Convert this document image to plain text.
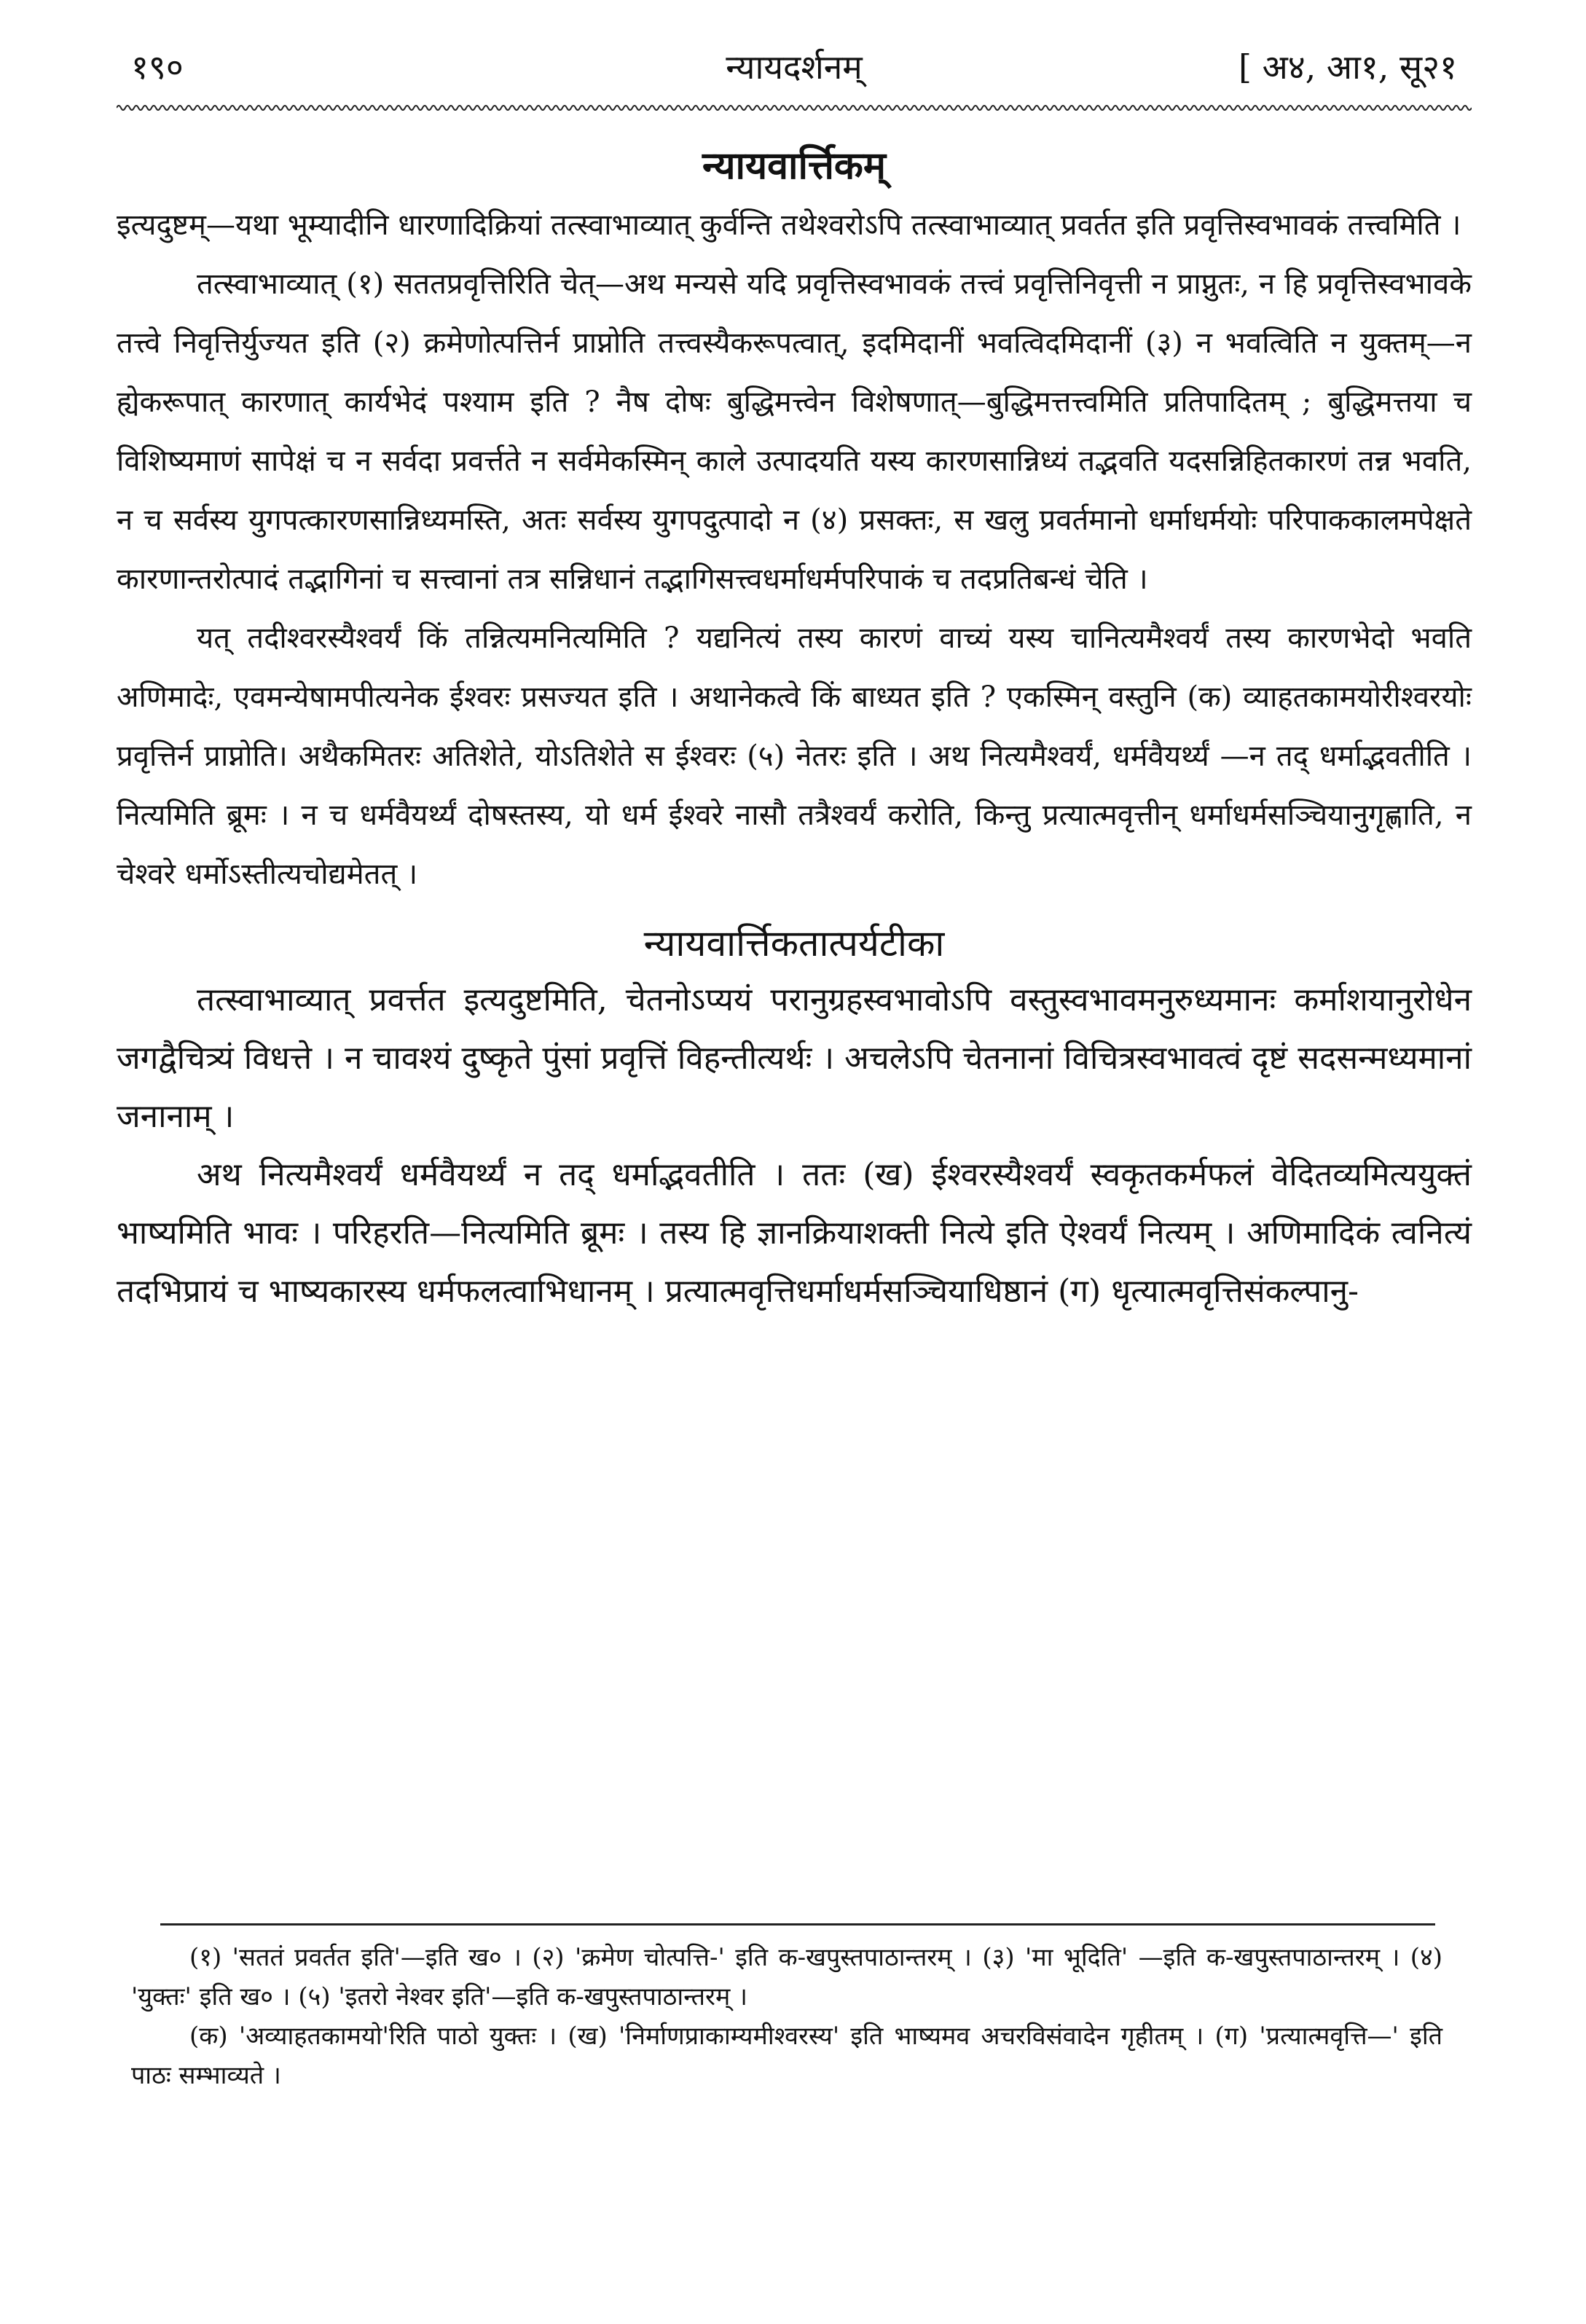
१९०	न्यायदर्शनम्	[ अ४, आ१, सू२१
न्यायवार्त्तिकम्

इत्यदुष्टम्—यथा भूम्यादीनि धारणादिक्रियां तत्स्वाभाव्यात् कुर्वन्ति तथेश्वरोऽपि तत्स्वाभाव्यात् प्रवर्तत इति प्रवृत्तिस्वभावकं तत्त्वमिति ।

तत्स्वाभाव्यात् (१) सततप्रवृत्तिरिति चेत्—अथ मन्यसे यदि प्रवृत्तिस्वभावकं तत्त्वं प्रवृत्तिनिवृत्ती न प्राप्नुतः, न हि प्रवृत्तिस्वभावके तत्त्वे निवृत्तिर्युज्यत इति (२) क्रमेणोत्पत्तिर्न प्राप्नोति तत्त्वस्यैकरूपत्वात्, इदमिदानीं भवत्विदमिदानीं (३) न भवत्विति न युक्तम्—न ह्येकरूपात् कारणात् कार्यभेदं पश्याम इति ? नैष दोषः बुद्धिमत्त्वेन विशेषणात्—बुद्धिमत्तत्त्वमिति प्रतिपादितम् ; बुद्धिमत्तया च विशिष्यमाणं सापेक्षं च न सर्वदा प्रवर्त्तते न सर्वमेकस्मिन् काले उत्पादयति यस्य कारणसान्निध्यं तद्भवति यदसन्निहितकारणं तन्न भवति, न च सर्वस्य युगपत्कारणसान्निध्यमस्ति, अतः सर्वस्य युगपदुत्पादो न (४) प्रसक्तः, स खलु प्रवर्तमानो धर्माधर्मयोः परिपाककालमपेक्षते कारणान्तरोत्पादं तद्भागिनां च सत्त्वानां तत्र सन्निधानं तद्भागिसत्त्वधर्माधर्मपरिपाकं च तदप्रतिबन्धं चेति ।

यत् तदीश्वरस्यैश्वर्यं किं तन्नित्यमनित्यमिति ? यद्यनित्यं तस्य कारणं वाच्यं यस्य चानित्यमैश्वर्यं तस्य कारणभेदो भवति अणिमादेः, एवमन्येषामपीत्यनेक ईश्वरः प्रसज्यत इति । अथानेकत्वे किं बाध्यत इति ? एकस्मिन् वस्तुनि (क) व्याहतकामयोरीश्वरयोः प्रवृत्तिर्न प्राप्नोति। अथैकमितरः अतिशेते, योऽतिशेते स ईश्वरः (५) नेतरः इति । अथ नित्यमैश्वर्यं, धर्मवैयर्थ्यं —न तद् धर्माद्भवतीति । नित्यमिति ब्रूमः । न च धर्मवैयर्थ्यं दोषस्तस्य, यो धर्म ईश्वरे नासौ तत्रैश्वर्यं करोति, किन्तु प्रत्यात्मवृत्तीन् धर्माधर्मसञ्चियानुगृह्णाति, न चेश्वरे धर्मोऽस्तीत्यचोद्यमेतत् ।

न्यायवार्त्तिकतात्पर्यटीका

तत्स्वाभाव्यात् प्रवर्त्तत इत्यदुष्टमिति, चेतनोऽप्ययं परानुग्रहस्वभावोऽपि वस्तुस्वभावमनुरुध्यमानः कर्माशयानुरोधेन जगद्वैचित्र्यं विधत्ते । न चावश्यं दुष्कृते पुंसां प्रवृत्तिं विहन्तीत्यर्थः । अचलेऽपि चेतनानां विचित्रस्वभावत्वं दृष्टं सदसन्मध्यमानां जनानाम् ।

अथ नित्यमैश्वर्यं धर्मवैयर्थ्यं न तद् धर्माद्भवतीति । ततः (ख) ईश्वरस्यैश्वर्यं स्वकृतकर्मफलं वेदितव्यमित्ययुक्तं भाष्यमिति भावः । परिहरति—नित्यमिति ब्रूमः । तस्य हि ज्ञानक्रियाशक्ती नित्ये इति ऐश्वर्यं नित्यम् । अणिमादिकं त्वनित्यं तदभिप्रायं च भाष्यकारस्य धर्मफलत्वाभिधानम् । प्रत्यात्मवृत्तिधर्माधर्मसञ्चियाधिष्ठानं (ग) धृत्यात्मवृत्तिसंकल्पानु-

(१) 'सततं प्रवर्तत इति'—इति ख० । (२) 'क्रमेण चोत्पत्ति-' इति क-खपुस्तपाठान्तरम् । (३) 'मा भूदिति' —इति क-खपुस्तपाठान्तरम् । (४) 'युक्तः' इति ख० । (५) 'इतरो नेश्वर इति'—इति क-खपुस्तपाठान्तरम् ।

(क) 'अव्याहतकामयो'रिति पाठो युक्तः । (ख) 'निर्माणप्राकाम्यमीश्वरस्य' इति भाष्यमव अचरविसंवादेन गृहीतम् । (ग) 'प्रत्यात्मवृत्ति—' इति पाठः सम्भाव्यते ।
